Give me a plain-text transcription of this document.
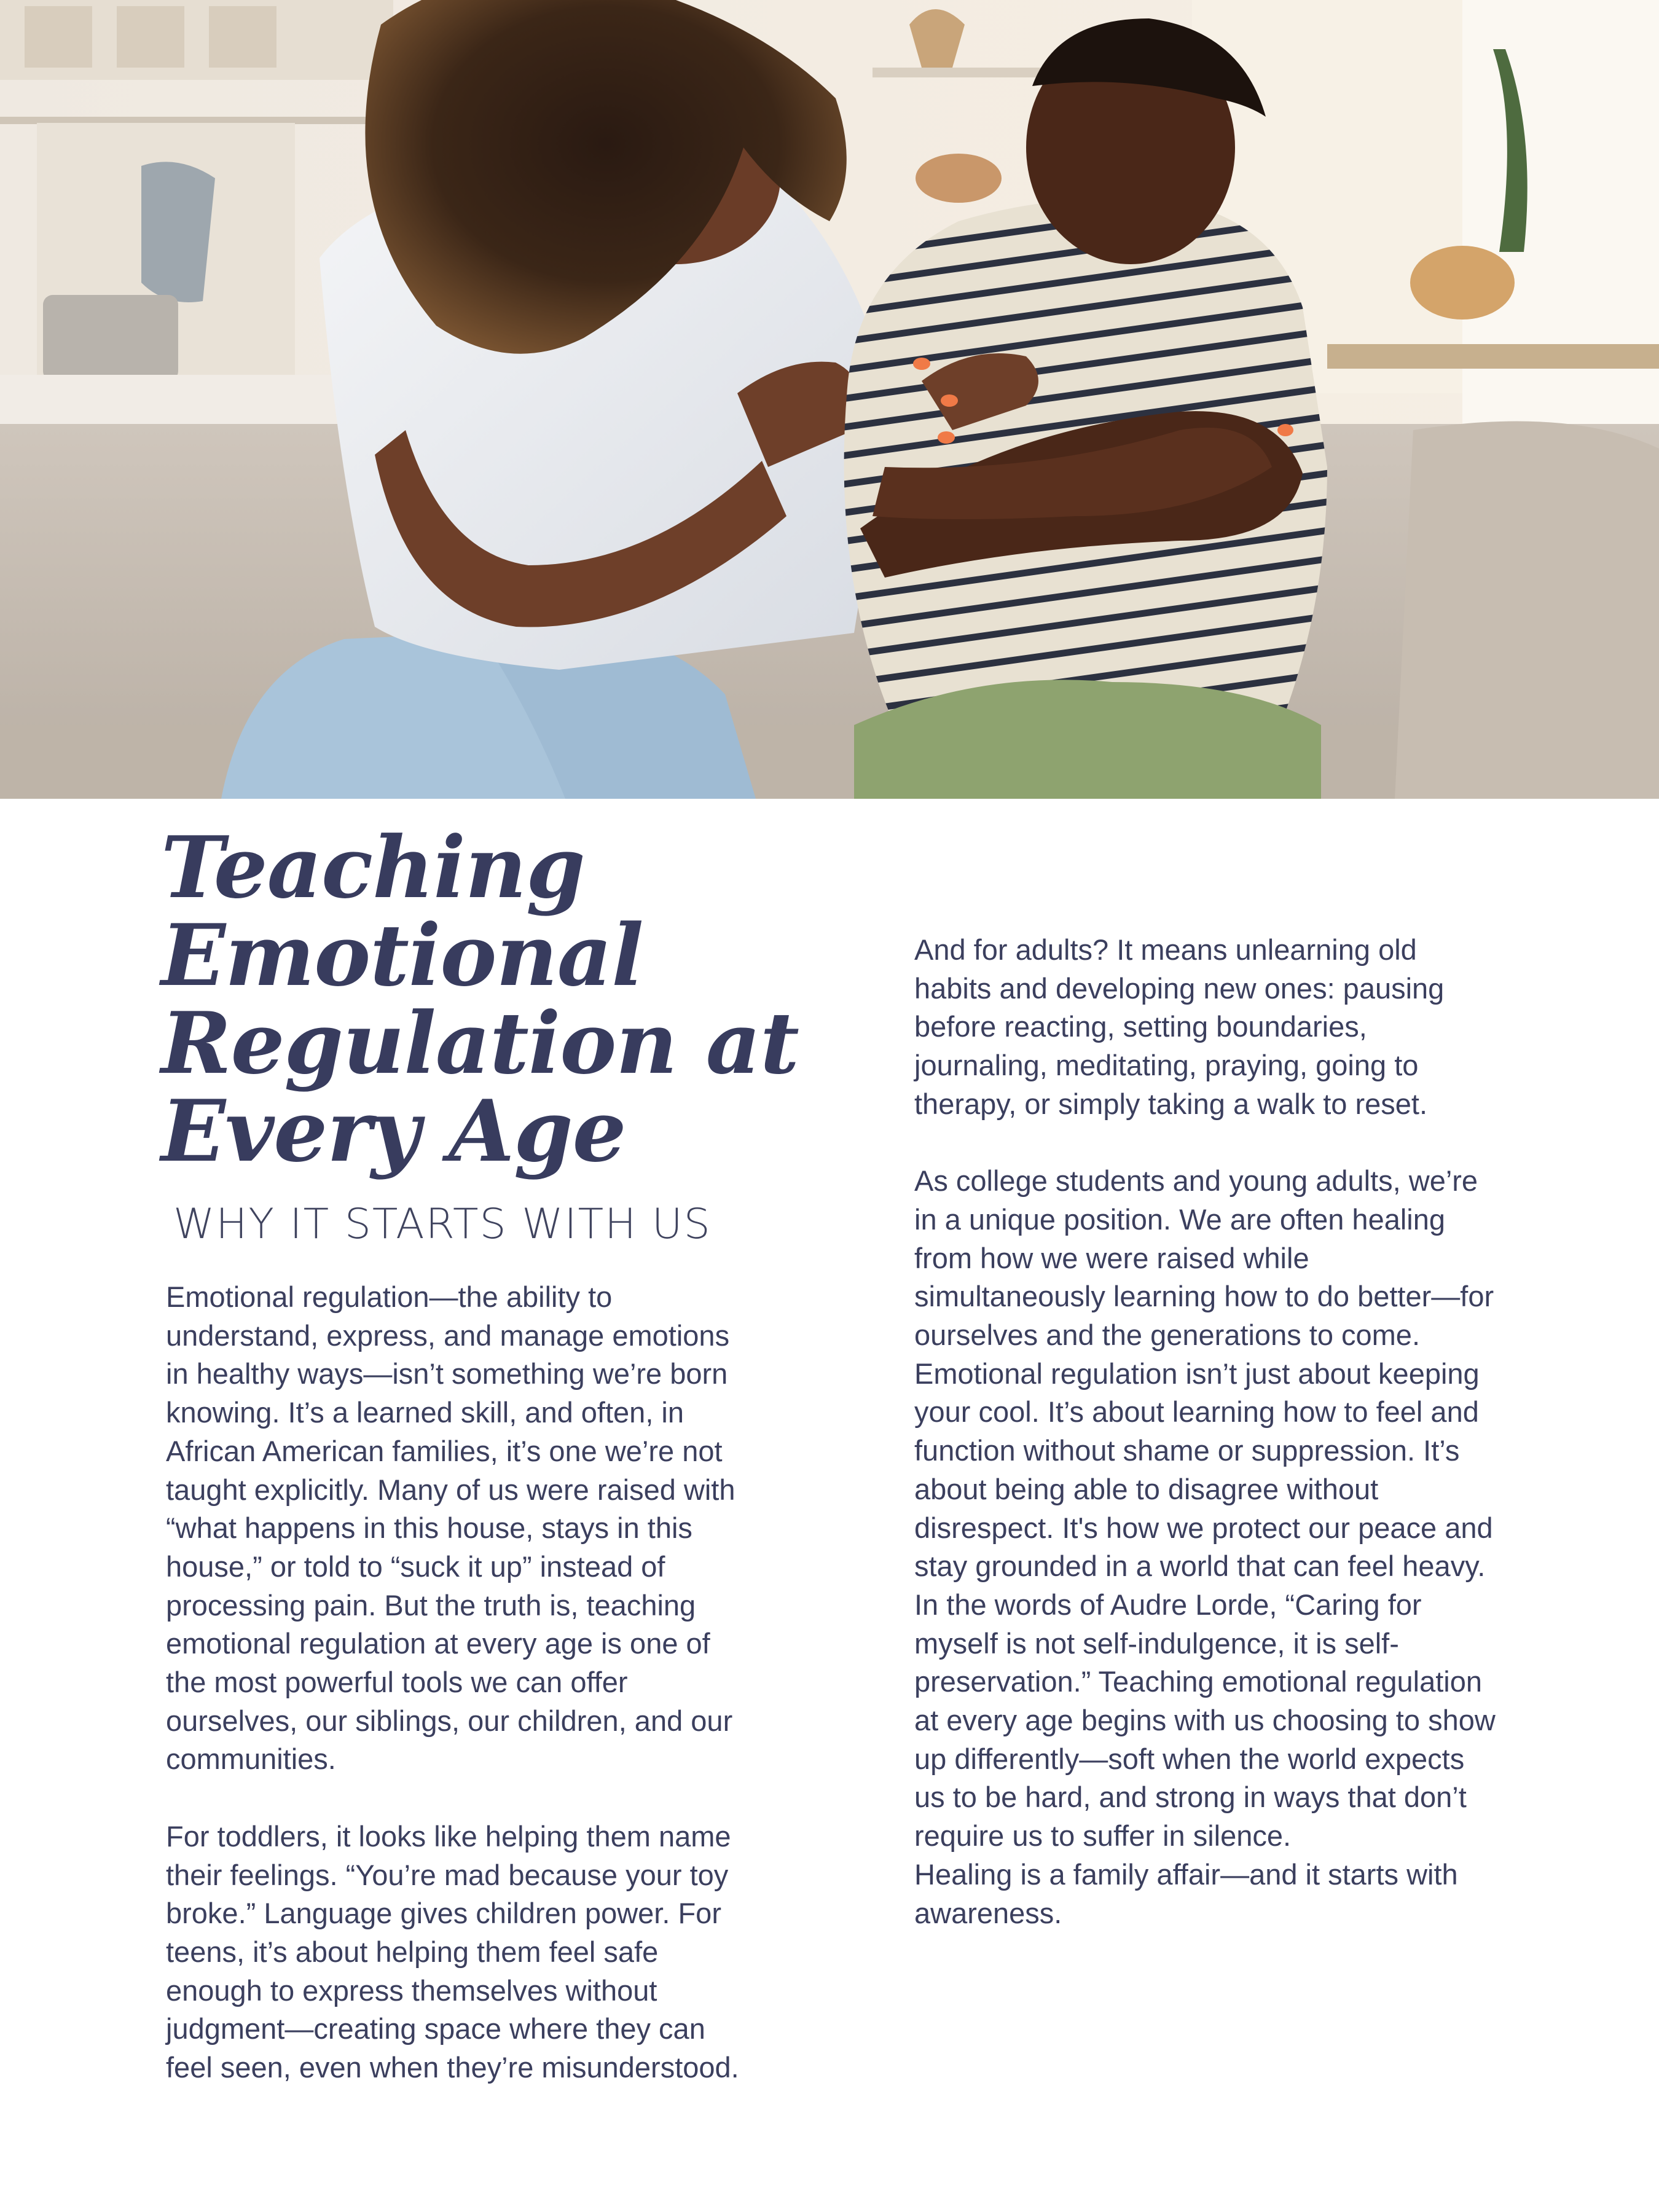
Teaching Emotional Regulation at Every Age
WHY IT STARTS WITH US

Emotional regulation—the ability to
understand, express, and manage emotions
in healthy ways—isn’t something we’re born
knowing. It’s a learned skill, and often, in
African American families, it’s one we’re not
taught explicitly. Many of us were raised with
“what happens in this house, stays in this
house,” or told to “suck it up” instead of
processing pain. But the truth is, teaching
emotional regulation at every age is one of
the most powerful tools we can offer
ourselves, our siblings, our children, and our
communities.

For toddlers, it looks like helping them name
their feelings. “You’re mad because your toy
broke.” Language gives children power. For
teens, it’s about helping them feel safe
enough to express themselves without
judgment—creating space where they can
feel seen, even when they’re misunderstood.

And for adults? It means unlearning old
habits and developing new ones: pausing
before reacting, setting boundaries,
journaling, meditating, praying, going to
therapy, or simply taking a walk to reset.

As college students and young adults, we’re
in a unique position. We are often healing
from how we were raised while
simultaneously learning how to do better—for
ourselves and the generations to come.
Emotional regulation isn’t just about keeping
your cool. It’s about learning how to feel and
function without shame or suppression. It’s
about being able to disagree without
disrespect. It's how we protect our peace and
stay grounded in a world that can feel heavy.
In the words of Audre Lorde, “Caring for
myself is not self-indulgence, it is self-
preservation.” Teaching emotional regulation
at every age begins with us choosing to show
up differently—soft when the world expects
us to be hard, and strong in ways that don’t
require us to suffer in silence.

Healing is a family affair—and it starts with
awareness.
